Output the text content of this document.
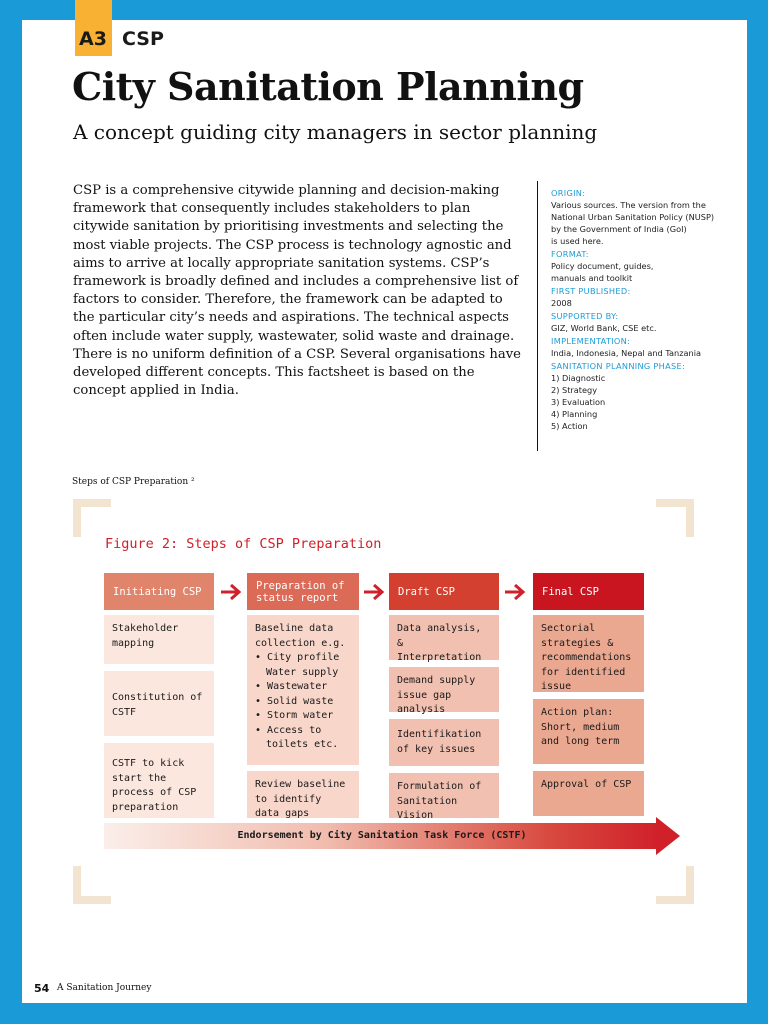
A3 CSP
City Sanitation Planning
A concept guiding city managers in sector planning

CSP is a comprehensive citywide planning and decision-making framework that consequently includes stakeholders to plan citywide sanitation by prioritising investments and selecting the most viable projects. The CSP process is technology agnostic and aims to arrive at locally appropriate sanitation systems. CSP’s framework is broadly defined and includes a comprehensive list of factors to consider. Therefore, the framework can be adapted to the particular city’s needs and aspirations. The technical aspects often include water supply, wastewater, solid waste and drainage. There is no uniform definition of a CSP. Several organisations have developed different concepts. This factsheet is based on the concept applied in India.

ORIGIN:
Various sources. The version from the
National Urban Sanitation Policy (NUSP)
by the Government of India (GoI)
is used here.
FORMAT:
Policy document, guides,
manuals and toolkit
FIRST PUBLISHED:
2008
SUPPORTED BY:
GIZ, World Bank, CSE etc.
IMPLEMENTATION:
India, Indonesia, Nepal and Tanzania
SANITATION PLANNING PHASE:
1) Diagnostic
2) Strategy
3) Evaluation
4) Planning
5) Action
Steps of CSP Preparation ²
Figure 2: Steps of CSP Preparation
Initiating CSP	Preparation of status report	Draft CSP	Final CSP
Stakeholder mapping
Constitution of CSTF
CSTF to kick start the process of CSP preparation
Baseline data collection e.g.
• City profile Water supply
• Wastewater
• Solid waste
• Storm water
• Access to toilets etc.
Review baseline to identify data gaps
Data analysis, & Interpretation
Demand supply issue gap analysis
Identifikation of key issues
Formulation of Sanitation Vision
Sectorial strategies & recommendations for identified issue
Action plan: Short, medium and long term
Approval of CSP
Endorsement by City Sanitation Task Force (CSTF)
54 A Sanitation Journey
